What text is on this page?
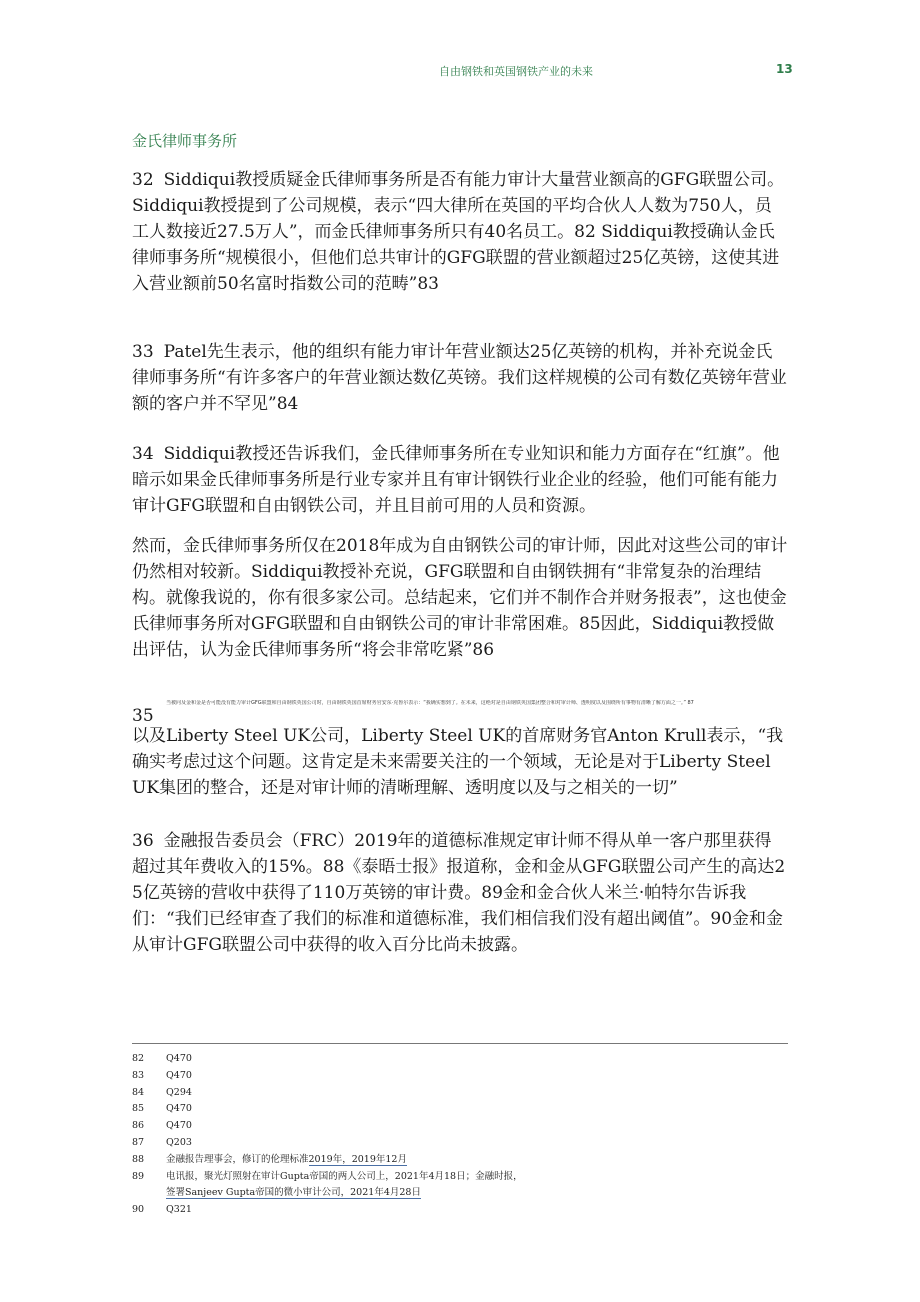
自由钢铁和英国钢铁产业的未来	13
金氏律师事务所

32 Siddiqui教授质疑金氏律师事务所是否有能力审计大量营业额高的GFG联盟公司。Siddiqui教授提到了公司规模，表示“四大律所在英国的平均合伙人人数为750人，员工人数接近27.5万人”，而金氏律师事务所只有40名员工。82 Siddiqui教授确认金氏律师事务所“规模很小，但他们总共审计的GFG联盟的营业额超过25亿英镑，这使其进入营业额前50名富时指数公司的范畴”83

33 Patel先生表示，他的组织有能力审计年营业额达25亿英镑的机构，并补充说金氏律师事务所“有许多客户的年营业额达数亿英镑。我们这样规模的公司有数亿英镑年营业额的客户并不罕见”84

34 Siddiqui教授还告诉我们，金氏律师事务所在专业知识和能力方面存在“红旗”。他暗示如果金氏律师事务所是行业专家并且有审计钢铁行业企业的经验，他们可能有能力审计GFG联盟和自由钢铁公司，并且目前可用的人员和资源。

然而，金氏律师事务所仅在2018年成为自由钢铁公司的审计师，因此对这些公司的审计仍然相对较新。Siddiqui教授补充说，GFG联盟和自由钢铁拥有“非常复杂的治理结构。就像我说的，你有很多家公司。总结起来，它们并不制作合并财务报表”，这也使金氏律师事务所对GFG联盟和自由钢铁公司的审计非常困难。85因此，Siddiqui教授做出评估，认为金氏律师事务所“将会非常吃紧”86

当被问及金和金是否可能没有能力审计GFG联盟和自由钢铁英国公司时，自由钢铁英国首席财务官安东·克鲁尔表示：“我确实想到了。在未来，这绝对是自由钢铁英国集团整合和对审计师、透明度以及围绕所有事物有清晰了解方面之一。” 87
35

以及Liberty Steel UK公司，Liberty Steel UK的首席财务官Anton Krull表示，“我确实考虑过这个问题。这肯定是未来需要关注的一个领域，无论是对于Liberty Steel UK集团的整合，还是对审计师的清晰理解、透明度以及与之相关的一切”

36 金融报告委员会（FRC）2019年的道德标准规定审计师不得从单一客户那里获得超过其年费收入的15%。88《泰晤士报》报道称，金和金从GFG联盟公司产生的高达25亿英镑的营收中获得了110万英镑的审计费。89金和金合伙人米兰·帕特尔告诉我们：“我们已经审查了我们的标准和道德标准，我们相信我们没有超出阈值”。90金和金从审计GFG联盟公司中获得的收入百分比尚未披露。

82	Q470
83	Q470
84	Q294
85	Q470
86	Q470
87	Q203
88	金融报告理事会，修订的伦理标准2019年，2019年12月
89	电讯报，聚光灯照射在审计Gupta帝国的两人公司上，2021年4月18日；金融时报，
签署Sanjeev Gupta帝国的微小审计公司，2021年4月28日
90	Q321
